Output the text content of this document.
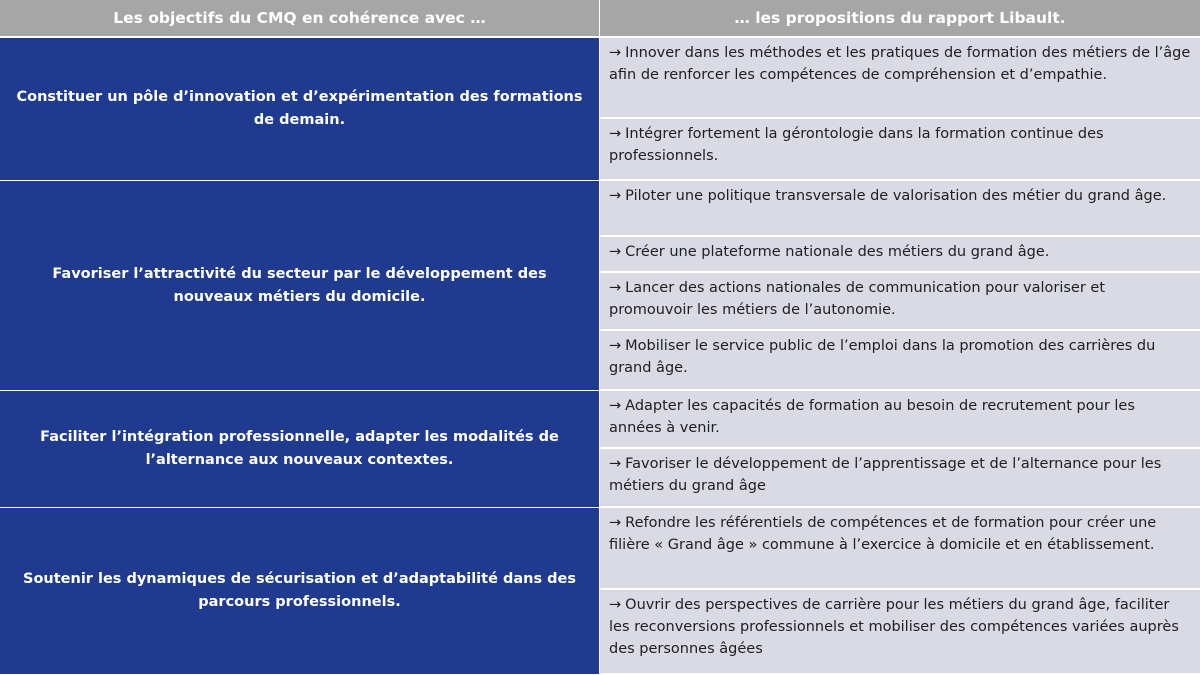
Les objectifs du CMQ en cohérence avec …	… les propositions du rapport Libault.
Constituer un pôle d’innovation et d’expérimentation des formations de demain.
→ Innover dans les méthodes et les pratiques de formation des métiers de l’âge afin de renforcer les compétences de compréhension et d’empathie.
→ Intégrer fortement la gérontologie dans la formation continue des professionnels.
Favoriser l’attractivité du secteur par le développement des nouveaux métiers du domicile.
→ Piloter une politique transversale de valorisation des métier du grand âge.
→ Créer une plateforme nationale des métiers du grand âge.
→ Lancer des actions nationales de communication pour valoriser et promouvoir les métiers de l’autonomie.
→ Mobiliser le service public de l’emploi dans la promotion des carrières du grand âge.
Faciliter l’intégration professionnelle, adapter les modalités de l’alternance aux nouveaux contextes.
→ Adapter les capacités de formation au besoin de recrutement pour les années à venir.
→ Favoriser le développement de l’apprentissage et de l’alternance pour les métiers du grand âge
Soutenir les dynamiques de sécurisation et d’adaptabilité dans des parcours professionnels.
→ Refondre les référentiels de compétences et de formation pour créer une filière « Grand âge » commune à l’exercice à domicile et en établissement.
→ Ouvrir des perspectives de carrière pour les métiers du grand âge, faciliter les reconversions professionnels et mobiliser des compétences variées auprès des personnes âgées
